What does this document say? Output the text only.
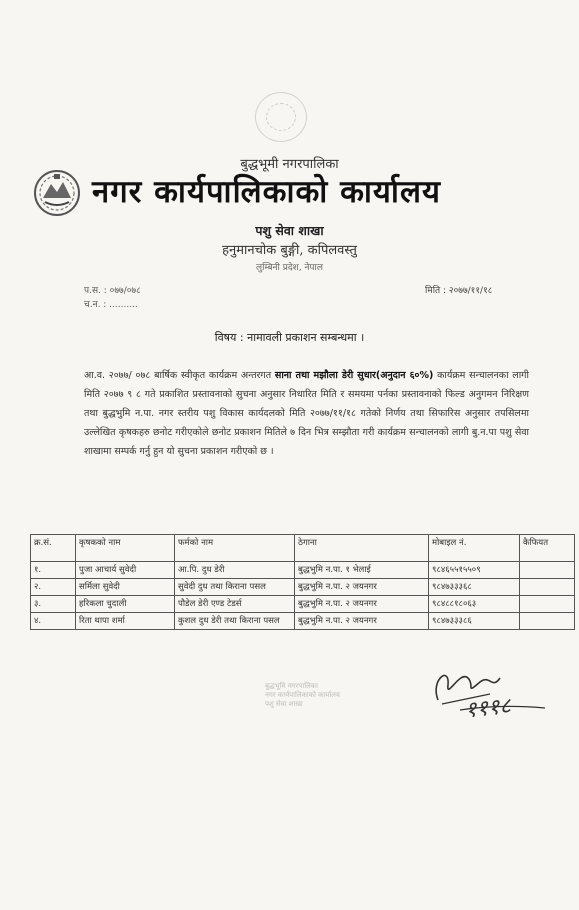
बुद्धभूमी नगरपालिका
नगर कार्यपालिकाको कार्यालय
पशु सेवा शाखा
हनुमानचोक बुङ्गी, कपिलवस्तु
लुम्बिनी प्रदेश, नेपाल
प.स. : ०७७/०७८
च.न. : ..........
मिति : २०७७/११/१८
विषय : नामावली प्रकाशन सम्बन्धमा ।
आ.व. २०७७/ ०७८ बार्षिक स्वीकृत कार्यक्रम अन्तरगत साना तथा मझौला डेरी सुधार(अनुदान ६०%) कार्यक्रम सन्चालनका लागी मिति २०७७ ९ ८ गते प्रकाशित प्रस्तावनाको सुचना अनुसार निधारित मिति र समयमा पर्नका प्रस्तावनाको फिल्ड अनुगमन निरिक्षण तथा बुद्धभुमि न.पा. नगर स्तरीय पशु विकास कार्यदलको मिति २०७७/११/१८ गतेको निर्णय तथा सिफारिस अनुसार तपसिलमा उल्लेखित कृषकहरु छनोट गरीएकोले छनोट प्रकाशन मितिले ७ दिन भित्र सम्झौता गरी कार्यक्रम सन्चालनको लागी बु.न.पा पशु सेवा शाखामा सम्पर्क गर्नु हुन यो सुचना प्रकाशन गरीएको छ ।
क्र.सं.	कृषकको नाम	फर्मको नाम	ठेगाना	मोबाइल नं.	कैफियत
१.	पुजा आचार्य सुवेदी	आ.पि. दुध डेरी	बुद्धभुमि न.पा. १ भेलाई	९८४६५५१५५०९	
२.	सर्मिला सुवेदी	सुवेदी दुध तथा किराना पसल	बुद्धभुमि न.पा. २ जयनगर	९८४७३३३६८	
३.	हरिकला चुदाली	पौडेल डेरी एण्ड टेडर्स	बुद्धभुमि न.पा. २ जयनगर	९८४८८१८०६३	
४.	रिता थापा शर्मा	कुशल दुध डेरी तथा किराना पसल	बुद्धभुमि न.पा. २ जयनगर	९८४७३३३८६	
बुद्धभूमि नगरपालिका
नगर कार्यपालिकाको कार्यालय
पशु सेवा शाखा	१११८
